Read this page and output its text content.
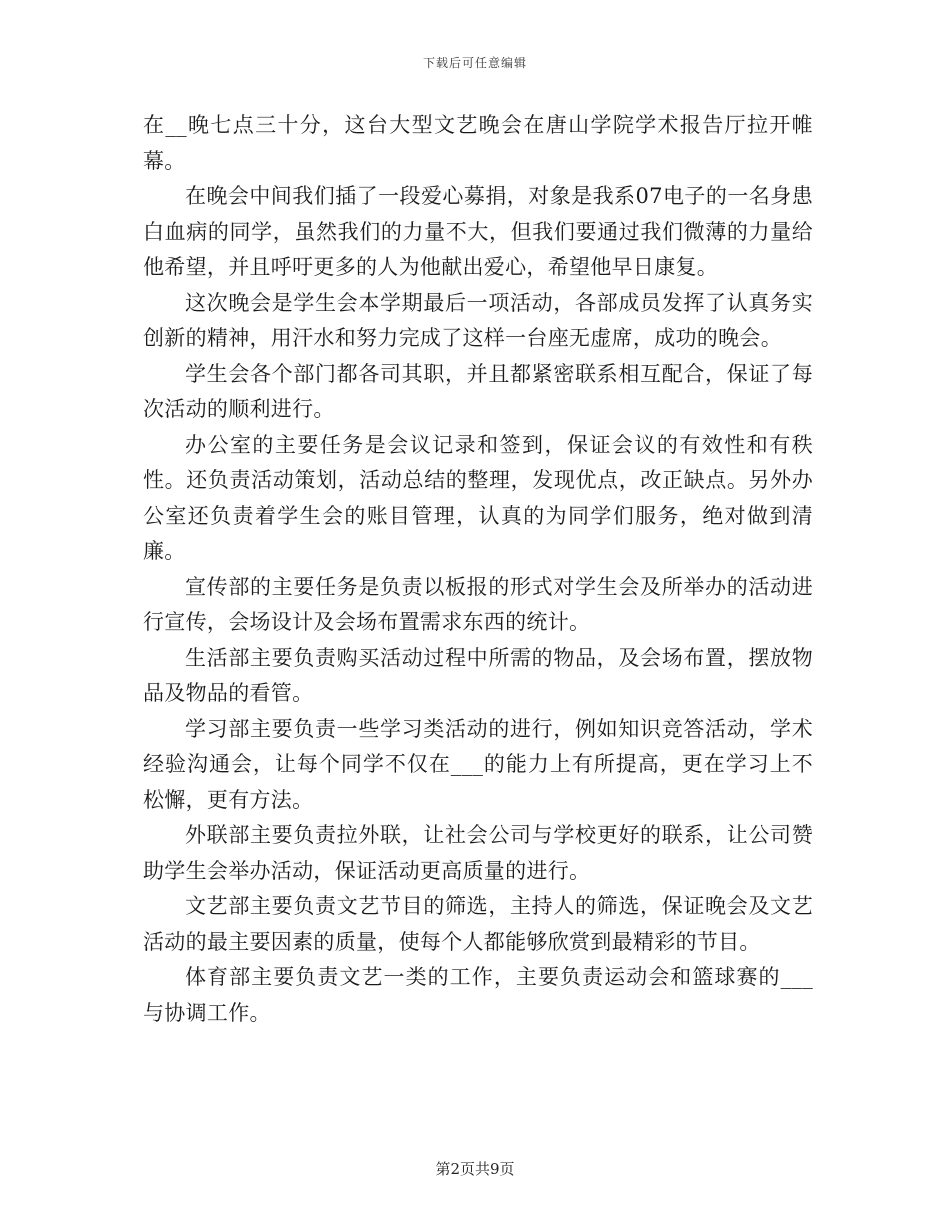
下载后可任意编辑

在__晚七点三十分，这台大型文艺晚会在唐山学院学术报告厅拉开帷幕。

在晚会中间我们插了一段爱心募捐，对象是我系07电子的一名身患白血病的同学，虽然我们的力量不大，但我们要通过我们微薄的力量给他希望，并且呼吁更多的人为他献出爱心，希望他早日康复。

这次晚会是学生会本学期最后一项活动，各部成员发挥了认真务实创新的精神，用汗水和努力完成了这样一台座无虚席，成功的晚会。

学生会各个部门都各司其职，并且都紧密联系相互配合，保证了每次活动的顺利进行。

办公室的主要任务是会议记录和签到，保证会议的有效性和有秩性。还负责活动策划，活动总结的整理，发现优点，改正缺点。另外办公室还负责着学生会的账目管理，认真的为同学们服务，绝对做到清廉。

宣传部的主要任务是负责以板报的形式对学生会及所举办的活动进行宣传，会场设计及会场布置需求东西的统计。

生活部主要负责购买活动过程中所需的物品，及会场布置，摆放物品及物品的看管。

学习部主要负责一些学习类活动的进行，例如知识竞答活动，学术经验沟通会，让每个同学不仅在___的能力上有所提高，更在学习上不松懈，更有方法。

外联部主要负责拉外联，让社会公司与学校更好的联系，让公司赞助学生会举办活动，保证活动更高质量的进行。

文艺部主要负责文艺节目的筛选，主持人的筛选，保证晚会及文艺活动的最主要因素的质量，使每个人都能够欣赏到最精彩的节目。

体育部主要负责文艺一类的工作，主要负责运动会和篮球赛的___与协调工作。

第2页共9页
